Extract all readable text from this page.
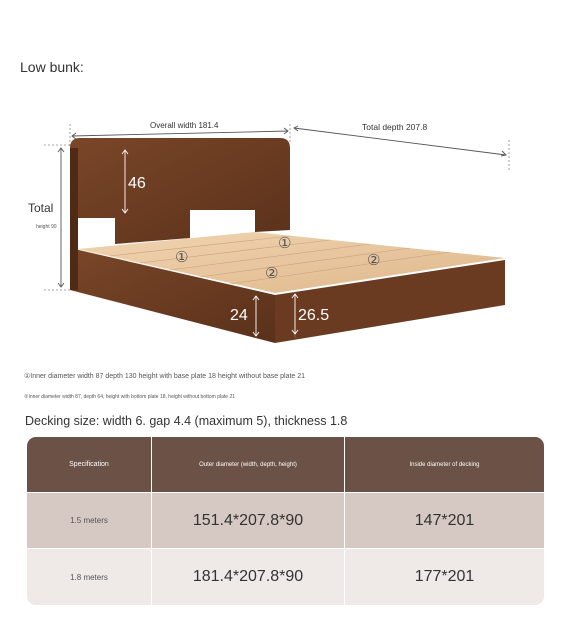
Low bunk:
Overall width 181.4	Total depth 207.8
Total
height 90
46
19
24	26.5
①
①
②
②
①Inner diameter width 87 depth 130 height with base plate 18 height without base plate 21
②Inner diameter width 87, depth 64, height with bottom plate 18, height without bottom plate 21
Decking size: width 6. gap 4.4 (maximum 5), thickness 1.8
Specification	Outer diameter (width, depth, height)	Inside diameter of decking
1.5 meters	151.4*207.8*90	147*201
1.8 meters	181.4*207.8*90	177*201
